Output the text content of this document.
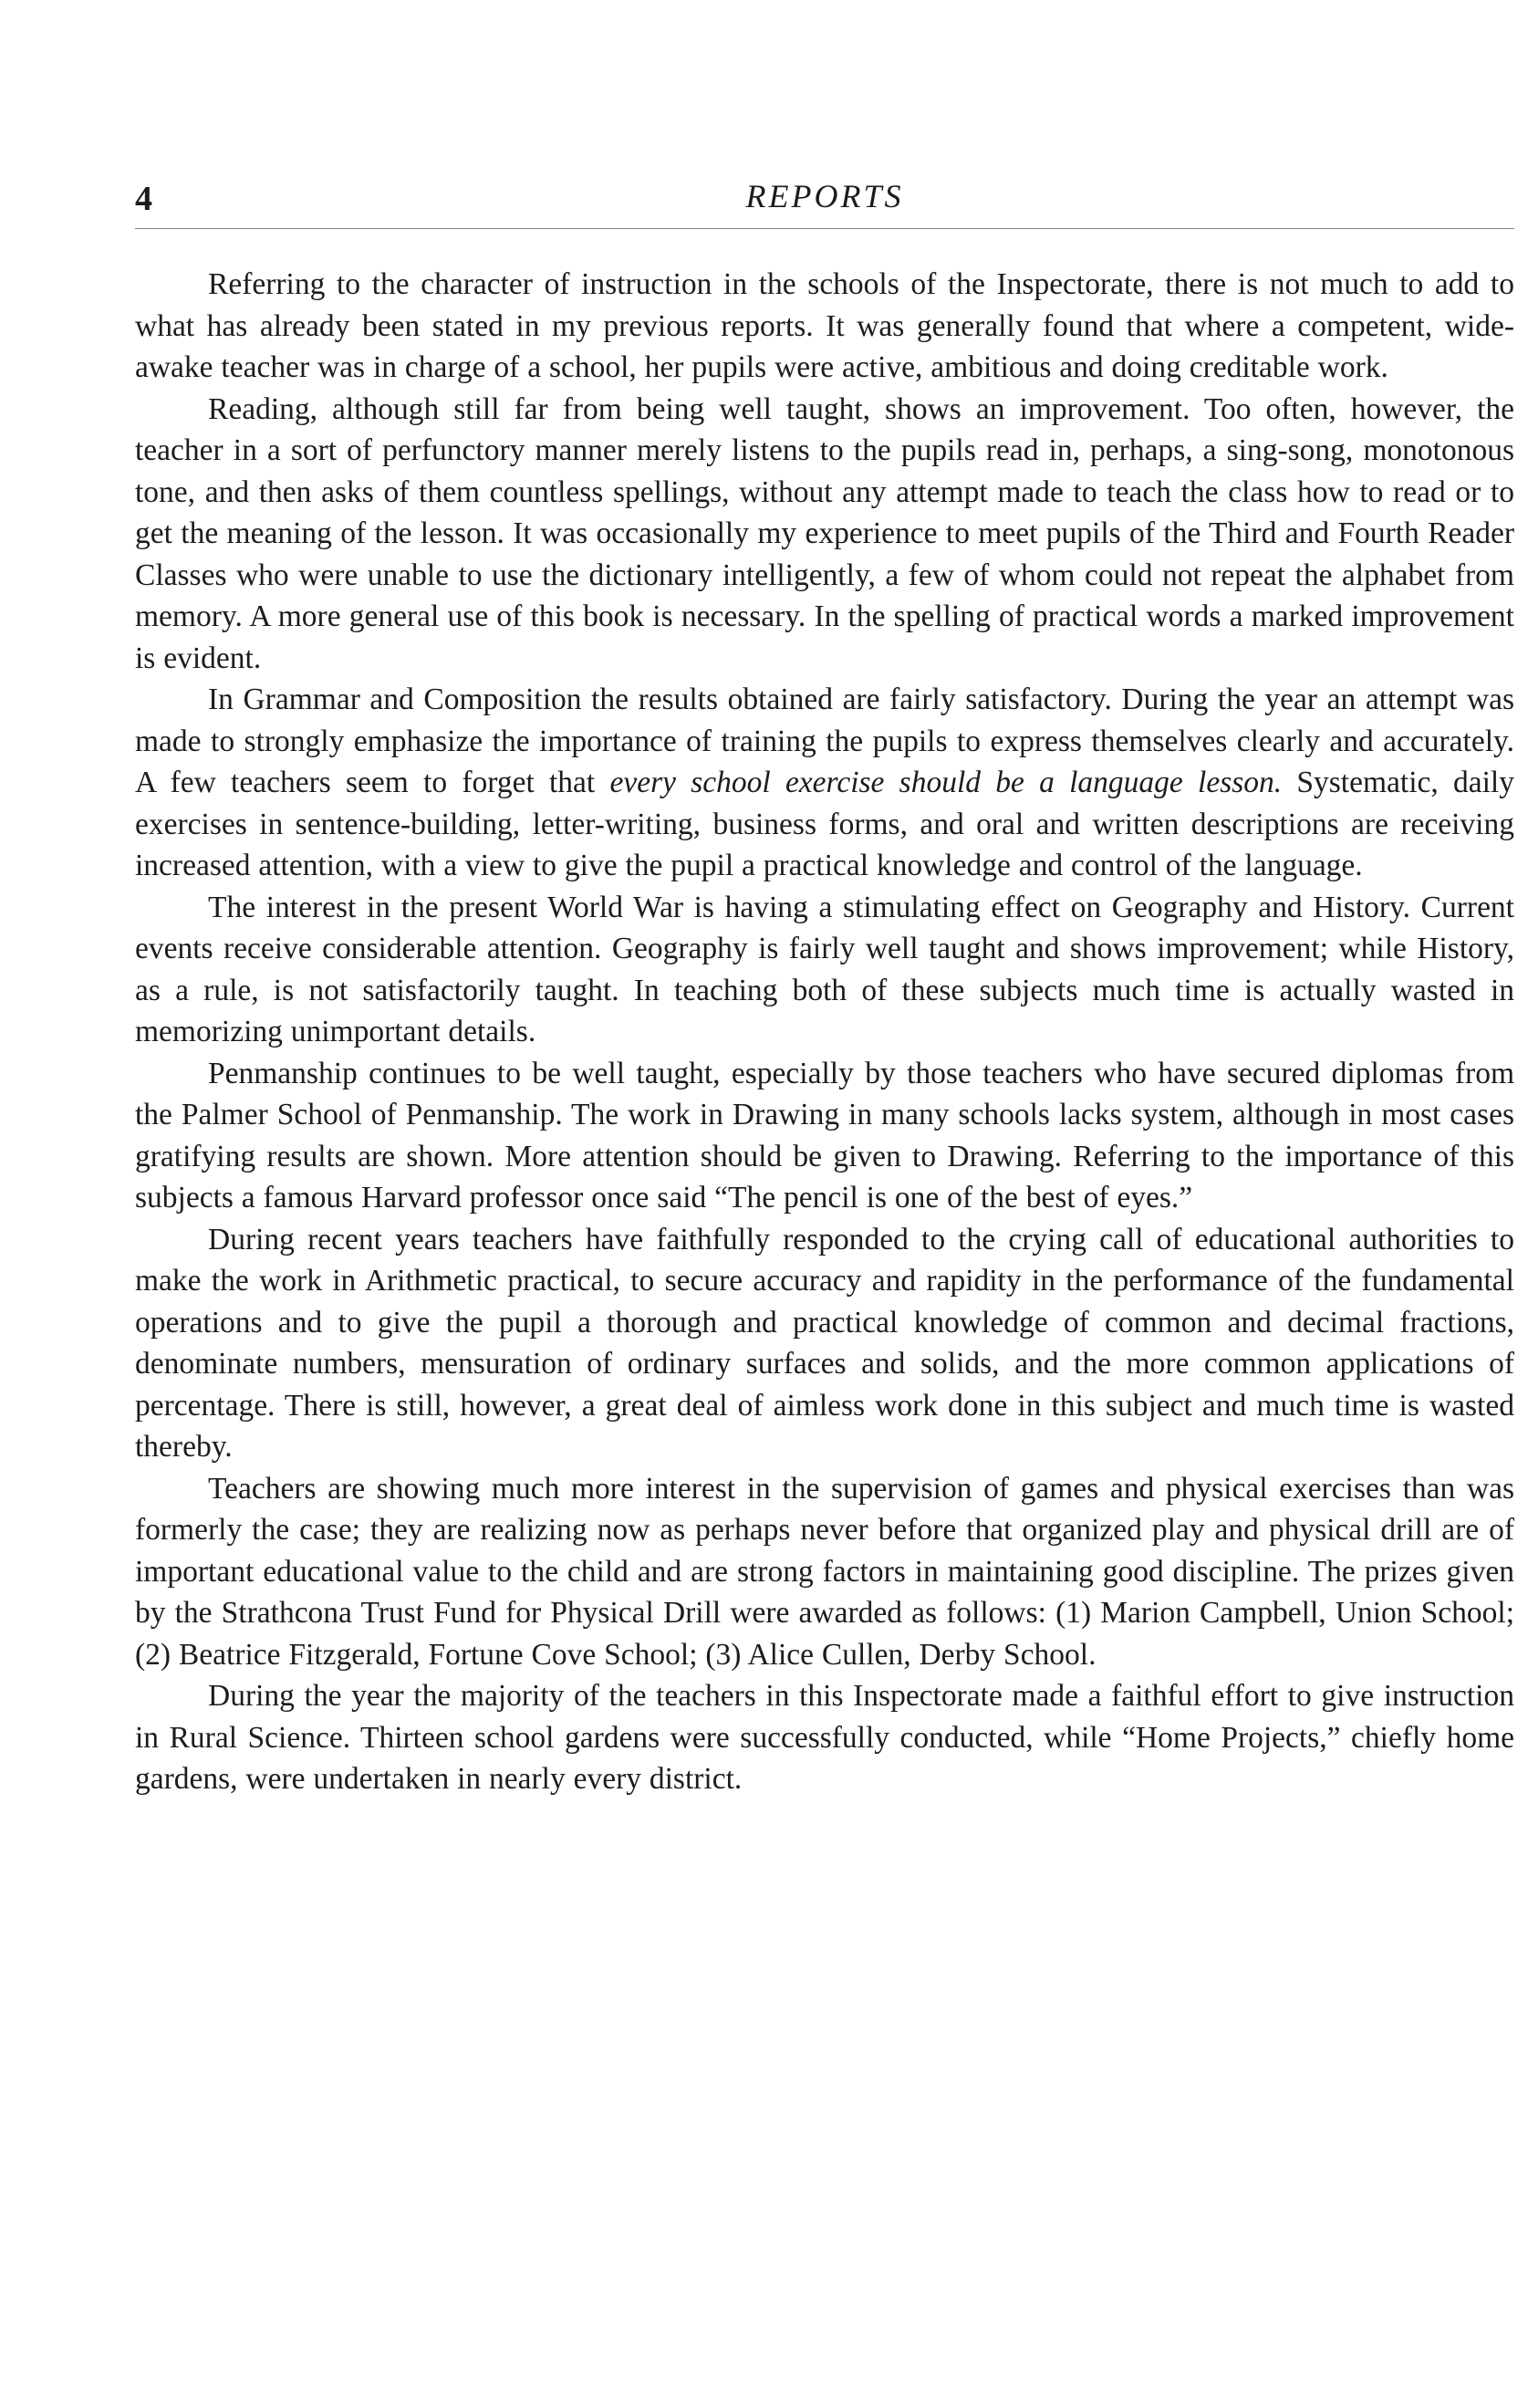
4	REPORTS

Referring to the character of instruction in the schools of the Inspectorate, there is not much to add to what has already been stated in my previous reports. It was generally found that where a competent, wide-awake teacher was in charge of a school, her pupils were active, ambitious and doing creditable work.

Reading, although still far from being well taught, shows an improvement. Too often, however, the teacher in a sort of perfunctory manner merely listens to the pupils read in, perhaps, a sing-song, monotonous tone, and then asks of them countless spellings, without any attempt made to teach the class how to read or to get the meaning of the lesson. It was occasionally my experience to meet pupils of the Third and Fourth Reader Classes who were unable to use the dictionary intelligently, a few of whom could not repeat the alphabet from memory. A more general use of this book is necessary. In the spelling of practical words a marked improvement is evident.

In Grammar and Composition the results obtained are fairly satisfactory. During the year an attempt was made to strongly emphasize the importance of training the pupils to express themselves clearly and accurately. A few teachers seem to forget that every school exercise should be a language lesson. Systematic, daily exercises in sentence-building, letter-writing, business forms, and oral and written descriptions are receiving increased attention, with a view to give the pupil a practical knowledge and control of the language.

The interest in the present World War is having a stimulating effect on Geography and History. Current events receive considerable attention. Geography is fairly well taught and shows improvement; while History, as a rule, is not satisfactorily taught. In teaching both of these subjects much time is actually wasted in memorizing unimportant details.

Penmanship continues to be well taught, especially by those teachers who have secured diplomas from the Palmer School of Penmanship. The work in Drawing in many schools lacks system, although in most cases gratifying results are shown. More attention should be given to Drawing. Referring to the importance of this subjects a famous Harvard professor once said “The pencil is one of the best of eyes.”

During recent years teachers have faithfully responded to the crying call of educational authorities to make the work in Arithmetic practical, to secure accuracy and rapidity in the performance of the fundamental operations and to give the pupil a thorough and practical knowledge of common and decimal fractions, denominate numbers, mensuration of ordinary surfaces and solids, and the more common applications of percentage. There is still, however, a great deal of aimless work done in this subject and much time is wasted thereby.

Teachers are showing much more interest in the supervision of games and physical exercises than was formerly the case; they are realizing now as perhaps never before that organized play and physical drill are of important educational value to the child and are strong factors in maintaining good discipline. The prizes given by the Strathcona Trust Fund for Physical Drill were awarded as follows: (1) Marion Campbell, Union School; (2) Beatrice Fitzgerald, Fortune Cove School; (3) Alice Cullen, Derby School.

During the year the majority of the teachers in this Inspectorate made a faithful effort to give instruction in Rural Science. Thirteen school gardens were successfully conducted, while “Home Projects,” chiefly home gardens, were undertaken in nearly every district.
